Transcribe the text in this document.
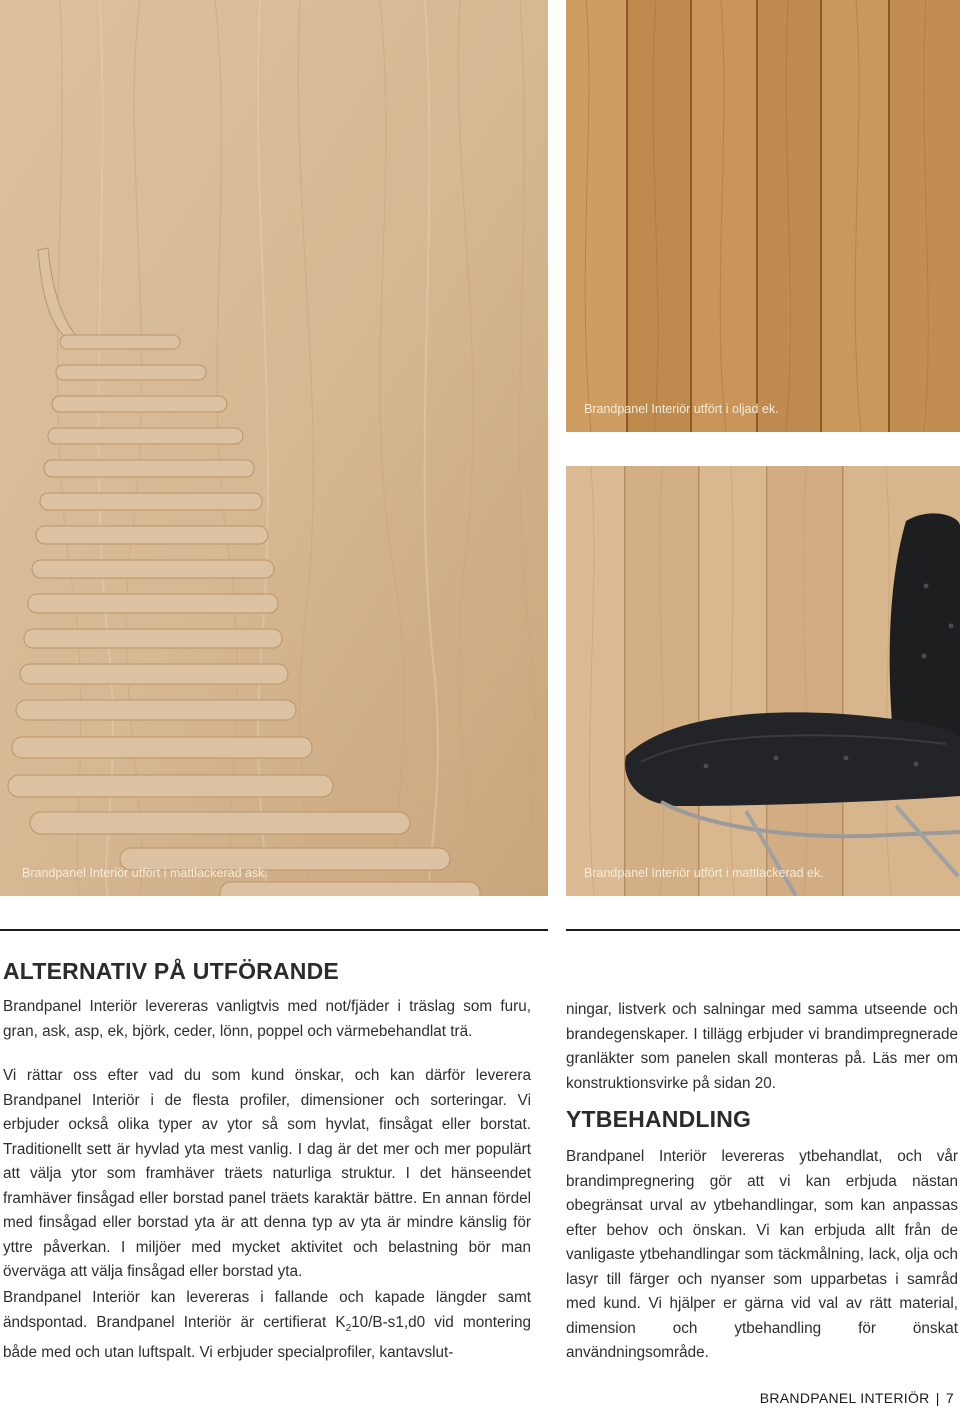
Brandpanel Interiör utfört i mattlackerad ask.
Brandpanel Interiör utfört i oljad ek.
Brandpanel Interiör utfört i mattlackerad ek.
ALTERNATIV PÅ UTFÖRANDE

Brandpanel Interiör levereras vanligtvis med not/fjäder i träslag som furu, gran, ask, asp, ek, björk, ceder, lönn, poppel och värmebehandlat trä.

Vi rättar oss efter vad du som kund önskar, och kan därför leverera Brandpanel Interiör i de flesta profiler, dimensioner och sorteringar. Vi erbjuder också olika typer av ytor så som hyvlat, finsågat eller borstat. Traditionellt sett är hyvlad yta mest vanlig. I dag är det mer och mer populärt att välja ytor som framhäver träets naturliga struktur. I det hänseendet framhäver finsågad eller borstad panel träets karaktär bättre. En annan fördel med finsågad eller borstad yta är att denna typ av yta är mindre känslig för yttre påverkan. I miljöer med mycket aktivitet och belastning bör man överväga att välja finsågad eller borstad yta.

Brandpanel Interiör kan levereras i fallande och kapade längder samt ändspontad. Brandpanel Interiör är certifierat $K_210/B-s1,d0$ vid montering både med och utan luftspalt. Vi erbjuder specialprofiler, kantavslut-

ningar, listverk och salningar med samma utseende och brandegenskaper. I tillägg erbjuder vi brandimpregnerade granläkter som panelen skall monteras på. Läs mer om konstruktionsvirke på sidan 20.

YTBEHANDLING

Brandpanel Interiör levereras ytbehandlat, och vår brandimpregnering gör att vi kan erbjuda nästan obegränsat urval av ytbehandlingar, som kan anpassas efter behov och önskan. Vi kan erbjuda allt från de vanligaste ytbehandlingar som täckmålning, lack, olja och lasyr till färger och nyanser som upparbetas i samråd med kund. Vi hjälper er gärna vid val av rätt material, dimension och ytbehandling för önskat användningsområde.

BRANDPANEL INTERIÖR | 7
